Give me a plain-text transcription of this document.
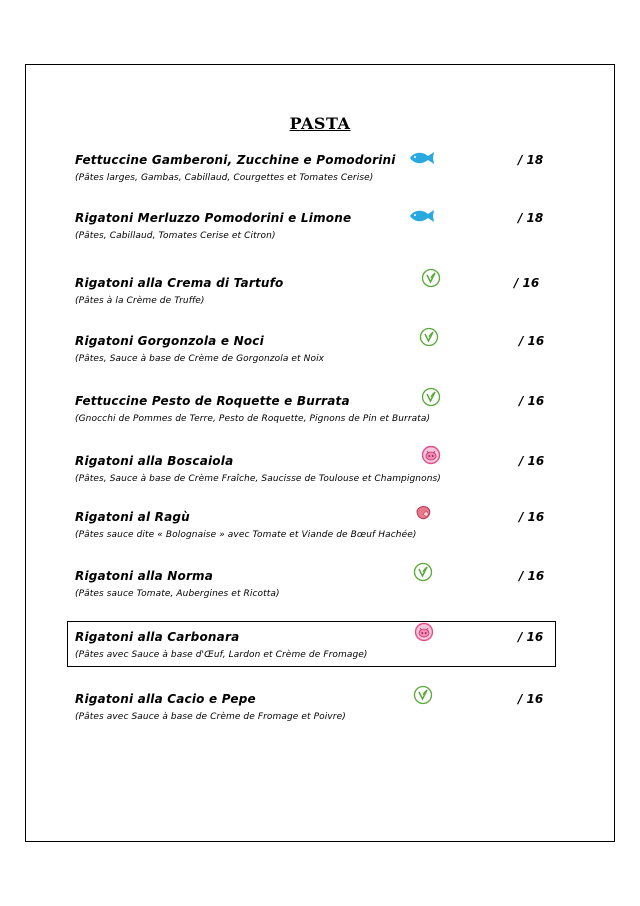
PASTA
Fettuccine Gamberoni, Zucchine e Pomodorini
(Pâtes larges, Gambas, Cabillaud, Courgettes et Tomates Cerise)
/ 18
Rigatoni Merluzzo Pomodorini e Limone
(Pâtes, Cabillaud, Tomates Cerise et Citron)
/ 18
Rigatoni alla Crema di Tartufo
(Pâtes à la Crème de Truffe)
/ 16
Rigatoni Gorgonzola e Noci
(Pâtes, Sauce à base de Crème de Gorgonzola et Noix
/ 16
Fettuccine Pesto de Roquette e Burrata
(Gnocchi de Pommes de Terre, Pesto de Roquette, Pignons de Pin et Burrata)
/ 16
Rigatoni alla Boscaiola
(Pâtes, Sauce à base de Crème Fraîche, Saucisse de Toulouse et Champignons)
/ 16
Rigatoni al Ragù
(Pâtes sauce dite « Bolognaise » avec Tomate et Viande de Bœuf Hachée)
/ 16
Rigatoni alla Norma
(Pâtes sauce Tomate, Aubergines et Ricotta)
/ 16
Rigatoni alla Carbonara
(Pâtes avec Sauce à base d'Œuf, Lardon et Crème de Fromage)
/ 16
Rigatoni alla Cacio e Pepe
(Pâtes avec Sauce à base de Crème de Fromage et Poivre)
/ 16
